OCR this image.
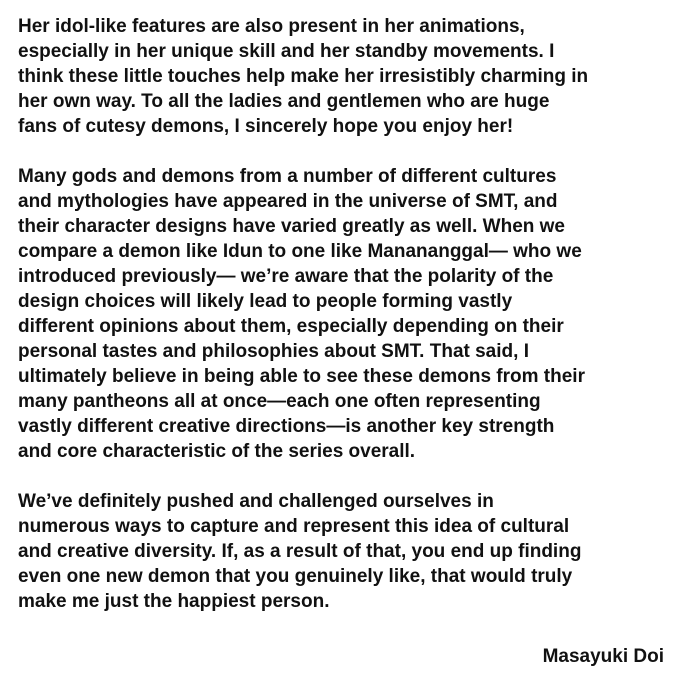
Her idol-like features are also present in her animations,
especially in her unique skill and her standby movements. I
think these little touches help make her irresistibly charming in
her own way. To all the ladies and gentlemen who are huge
fans of cutesy demons, I sincerely hope you enjoy her!

Many gods and demons from a number of different cultures
and mythologies have appeared in the universe of SMT, and
their character designs have varied greatly as well. When we
compare a demon like Idun to one like Manananggal— who we
introduced previously— we’re aware that the polarity of the
design choices will likely lead to people forming vastly
different opinions about them, especially depending on their
personal tastes and philosophies about SMT. That said, I
ultimately believe in being able to see these demons from their
many pantheons all at once—each one often representing
vastly different creative directions—is another key strength
and core characteristic of the series overall.

We’ve definitely pushed and challenged ourselves in
numerous ways to capture and represent this idea of cultural
and creative diversity. If, as a result of that, you end up finding
even one new demon that you genuinely like, that would truly
make me just the happiest person.

Masayuki Doi
